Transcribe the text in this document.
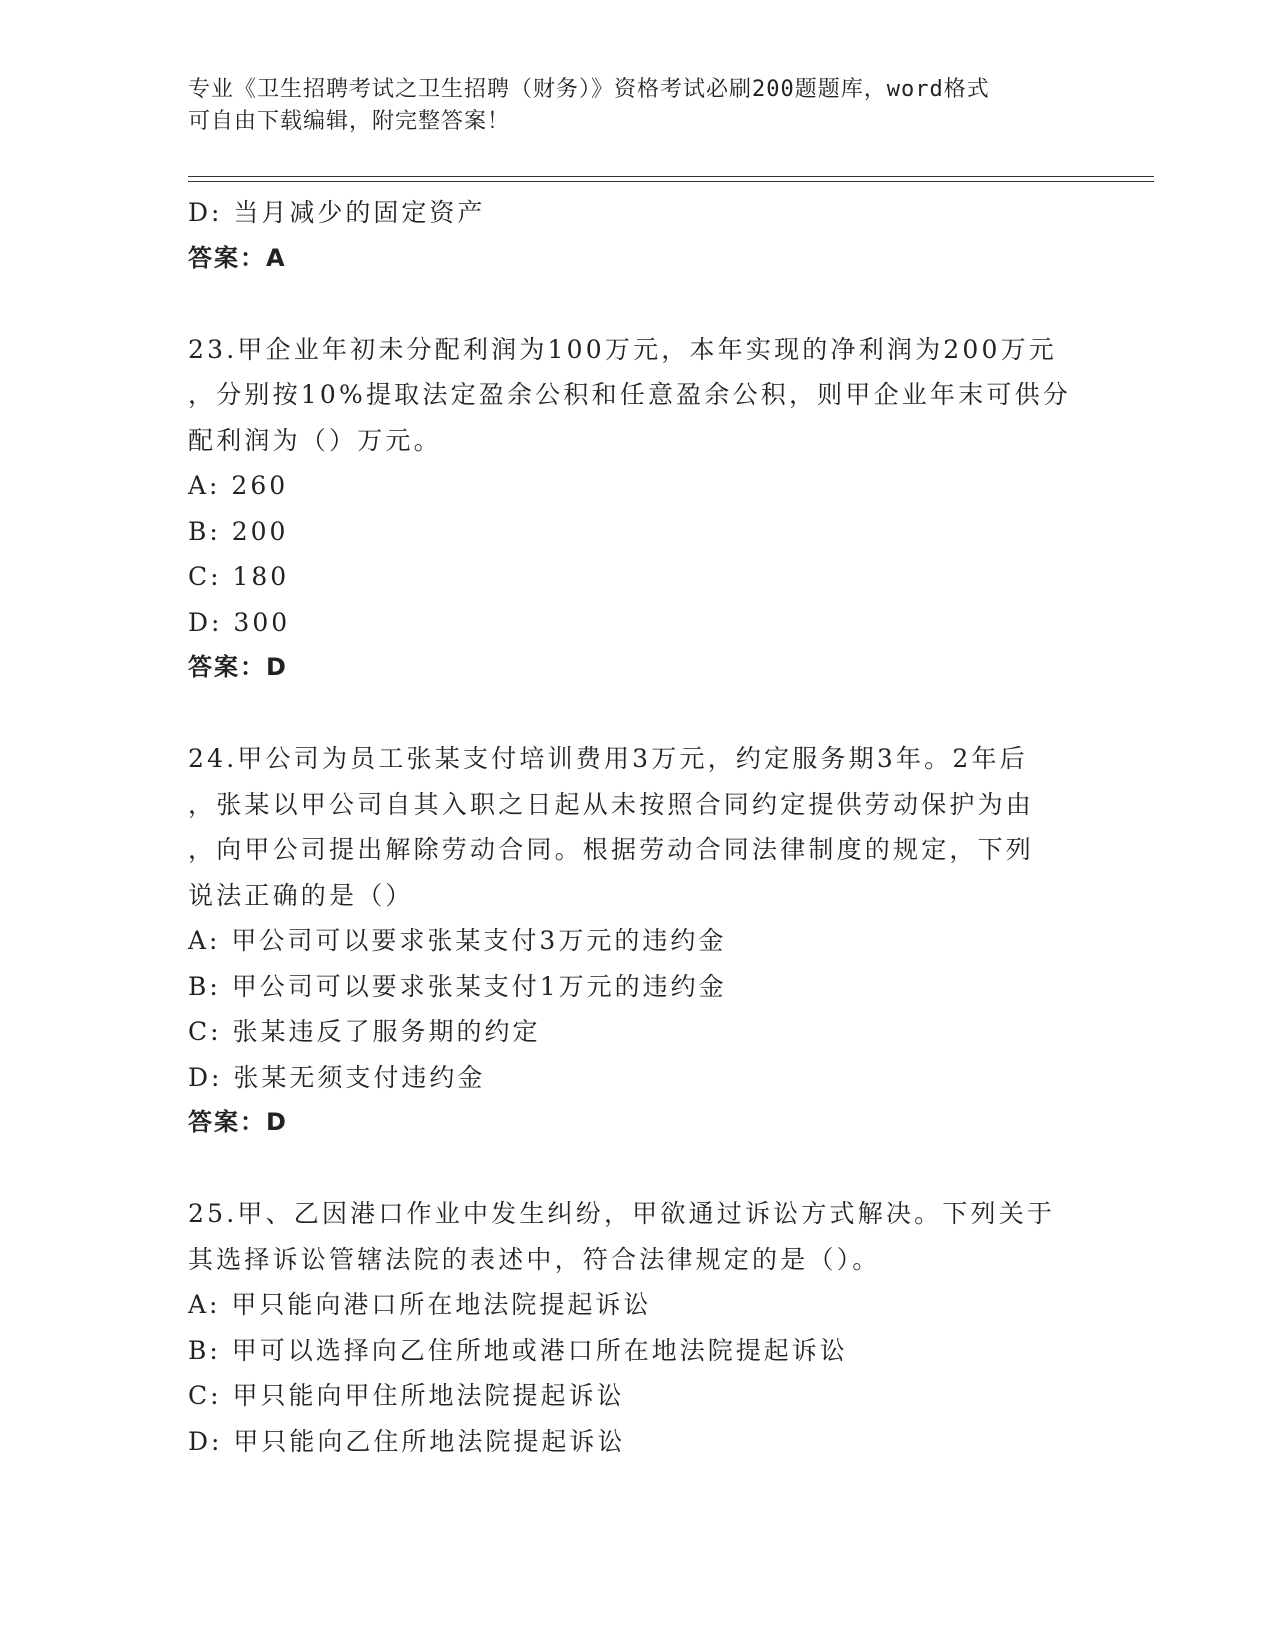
专业《卫生招聘考试之卫生招聘（财务）》资格考试必刷200题题库，word格式
可自由下载编辑，附完整答案！
D: 当月减少的固定资产
答案：A
23.甲企业年初未分配利润为100万元，本年实现的净利润为200万元
，分别按10%提取法定盈余公积和任意盈余公积，则甲企业年末可供分
配利润为（）万元。
A: 260
B: 200
C: 180
D: 300
答案：D
24.甲公司为员工张某支付培训费用3万元，约定服务期3年。2年后
，张某以甲公司自其入职之日起从未按照合同约定提供劳动保护为由
，向甲公司提出解除劳动合同。根据劳动合同法律制度的规定，下列
说法正确的是（）
A: 甲公司可以要求张某支付3万元的违约金
B: 甲公司可以要求张某支付1万元的违约金
C: 张某违反了服务期的约定
D: 张某无须支付违约金
答案：D
25.甲、乙因港口作业中发生纠纷，甲欲通过诉讼方式解决。下列关于
其选择诉讼管辖法院的表述中，符合法律规定的是（）。
A: 甲只能向港口所在地法院提起诉讼
B: 甲可以选择向乙住所地或港口所在地法院提起诉讼
C: 甲只能向甲住所地法院提起诉讼
D: 甲只能向乙住所地法院提起诉讼
